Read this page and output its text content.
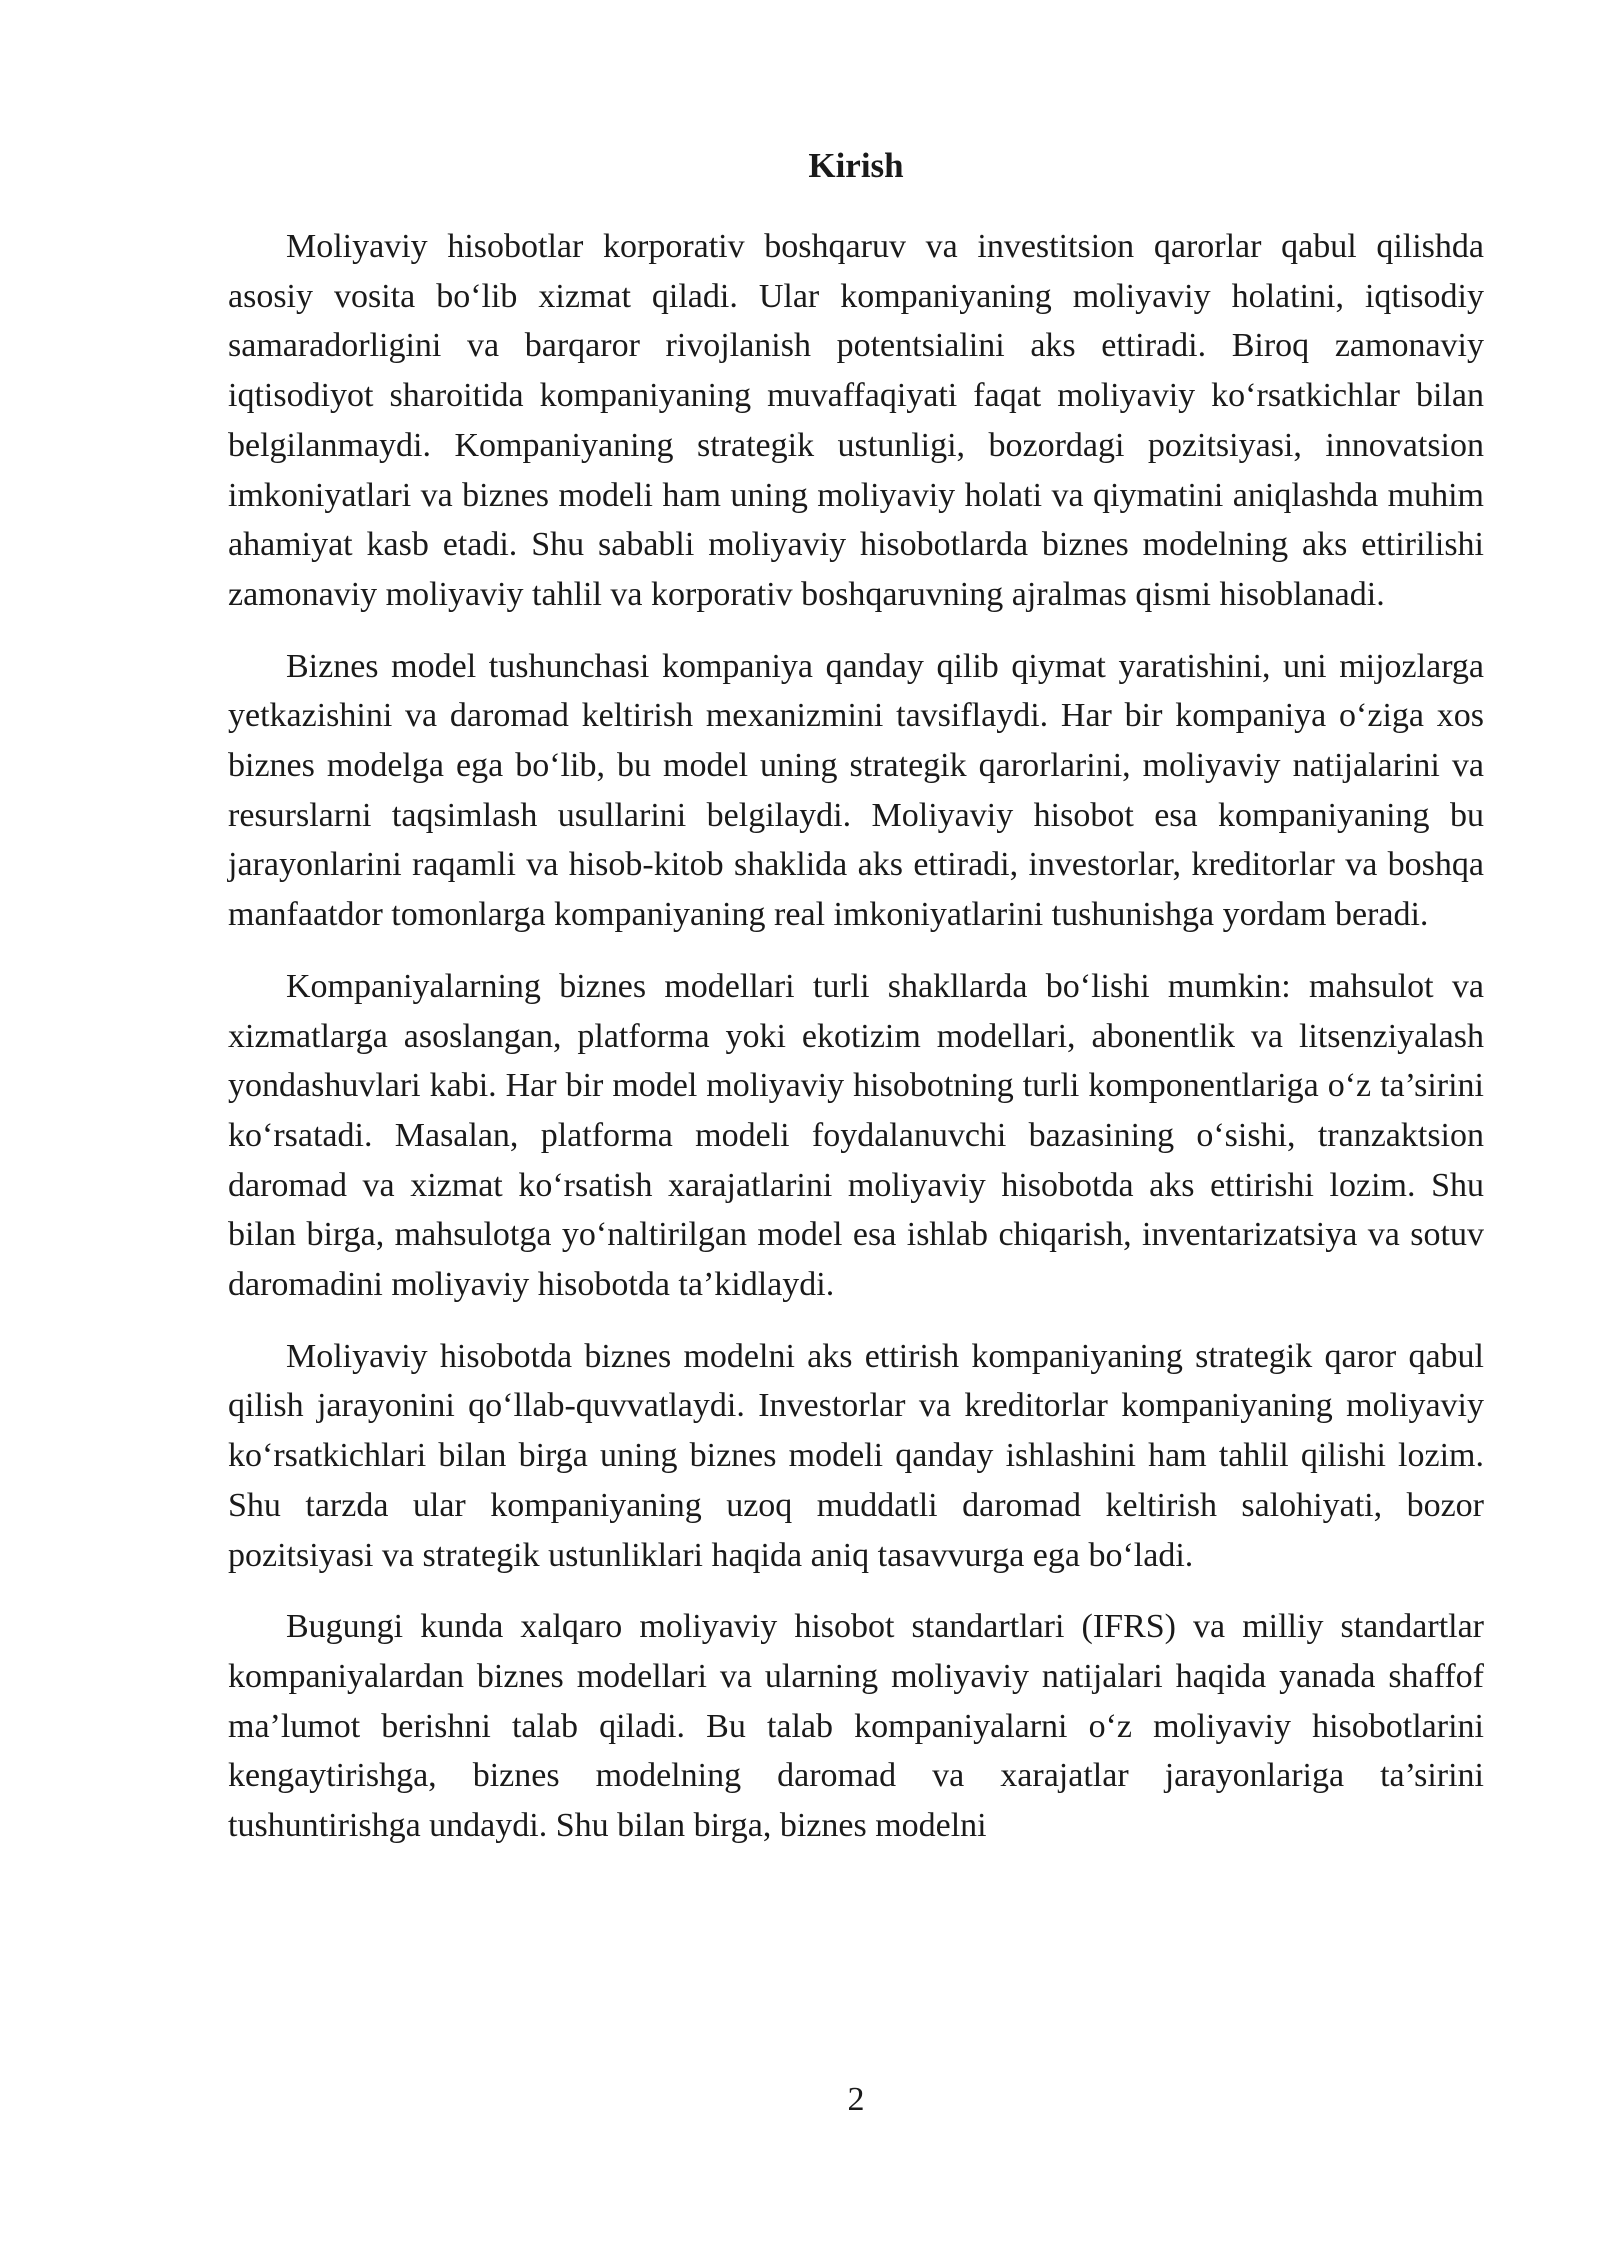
Kirish

Moliyaviy hisobotlar korporativ boshqaruv va investitsion qarorlar qabul qilishda asosiy vosita bo‘lib xizmat qiladi. Ular kompaniyaning moliyaviy holatini, iqtisodiy samaradorligini va barqaror rivojlanish potentsialini aks ettiradi. Biroq zamonaviy iqtisodiyot sharoitida kompaniyaning muvaffaqiyati faqat moliyaviy ko‘rsatkichlar bilan belgilanmaydi. Kompaniyaning strategik ustunligi, bozordagi pozitsiyasi, innovatsion imkoniyatlari va biznes modeli ham uning moliyaviy holati va qiymatini aniqlashda muhim ahamiyat kasb etadi. Shu sababli moliyaviy hisobotlarda biznes modelning aks ettirilishi zamonaviy moliyaviy tahlil va korporativ boshqaruvning ajralmas qismi hisoblanadi.

Biznes model tushunchasi kompaniya qanday qilib qiymat yaratishini, uni mijozlarga yetkazishini va daromad keltirish mexanizmini tavsiflaydi. Har bir kompaniya o‘ziga xos biznes modelga ega bo‘lib, bu model uning strategik qarorlarini, moliyaviy natijalarini va resurslarni taqsimlash usullarini belgilaydi. Moliyaviy hisobot esa kompaniyaning bu jarayonlarini raqamli va hisob-kitob shaklida aks ettiradi, investorlar, kreditorlar va boshqa manfaatdor tomonlarga kompaniyaning real imkoniyatlarini tushunishga yordam beradi.

Kompaniyalarning biznes modellari turli shakllarda bo‘lishi mumkin: mahsulot va xizmatlarga asoslangan, platforma yoki ekotizim modellari, abonentlik va litsenziyalash yondashuvlari kabi. Har bir model moliyaviy hisobotning turli komponentlariga o‘z ta’sirini ko‘rsatadi. Masalan, platforma modeli foydalanuvchi bazasining o‘sishi, tranzaktsion daromad va xizmat ko‘rsatish xarajatlarini moliyaviy hisobotda aks ettirishi lozim. Shu bilan birga, mahsulotga yo‘naltirilgan model esa ishlab chiqarish, inventarizatsiya va sotuv daromadini moliyaviy hisobotda ta’kidlaydi.

Moliyaviy hisobotda biznes modelni aks ettirish kompaniyaning strategik qaror qabul qilish jarayonini qo‘llab-quvvatlaydi. Investorlar va kreditorlar kompaniyaning moliyaviy ko‘rsatkichlari bilan birga uning biznes modeli qanday ishlashini ham tahlil qilishi lozim. Shu tarzda ular kompaniyaning uzoq muddatli daromad keltirish salohiyati, bozor pozitsiyasi va strategik ustunliklari haqida aniq tasavvurga ega bo‘ladi.

Bugungi kunda xalqaro moliyaviy hisobot standartlari (IFRS) va milliy standartlar kompaniyalardan biznes modellari va ularning moliyaviy natijalari haqida yanada shaffof ma’lumot berishni talab qiladi. Bu talab kompaniyalarni o‘z moliyaviy hisobotlarini kengaytirishga, biznes modelning daromad va xarajatlar jarayonlariga ta’sirini tushuntirishga undaydi. Shu bilan birga, biznes modelni

2
